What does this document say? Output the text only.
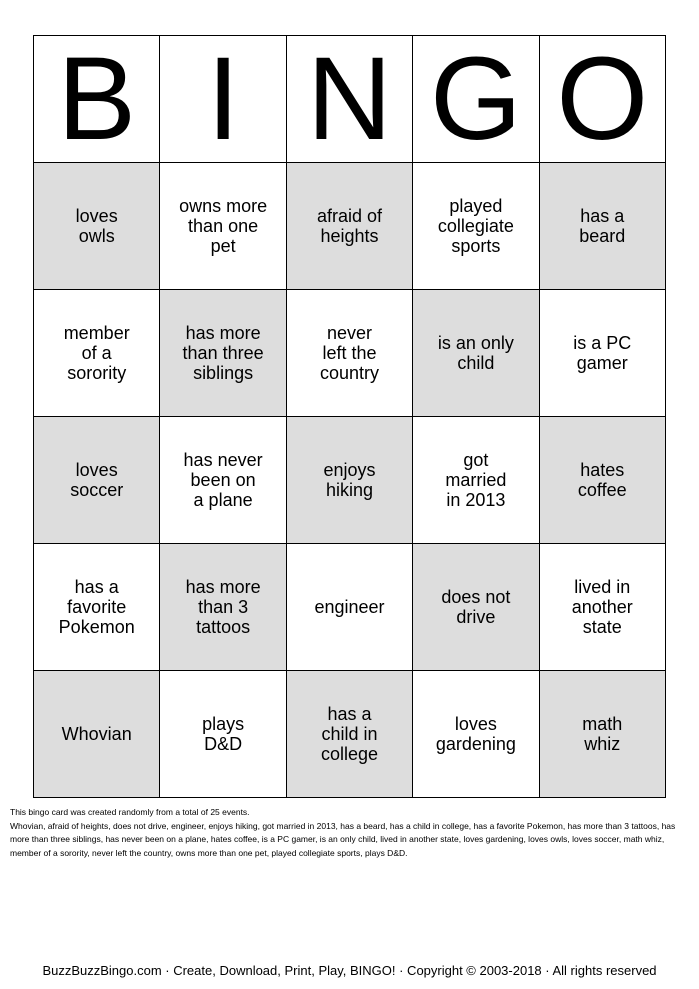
B	I	N	G	O

loves
owls	owns more
than one
pet	afraid of
heights	played
collegiate
sports	has a
beard

member
of a
sorority	has more
than three
siblings	never
left the
country	is an only
child	is a PC
gamer

loves
soccer	has never
been on
a plane	enjoys
hiking	got
married
in 2013	hates
coffee

has a
favorite
Pokemon	has more
than 3
tattoos	engineer	does not
drive	lived in
another
state

Whovian	plays
D&D	has a
child in
college	loves
gardening	math
whiz
This bingo card was created randomly from a total of 25 events.
Whovian, afraid of heights, does not drive, engineer, enjoys hiking, got married in 2013, has a beard, has a child in college, has a favorite Pokemon, has more than 3 tattoos, has more than three siblings, has never been on a plane, hates coffee, is a PC gamer, is an only child, lived in another state, loves gardening, loves owls, loves soccer, math whiz, member of a sorority, never left the country, owns more than one pet, played collegiate sports, plays D&D.
BuzzBuzzBingo.com · Create, Download, Print, Play, BINGO! · Copyright © 2003-2018 · All rights reserved
